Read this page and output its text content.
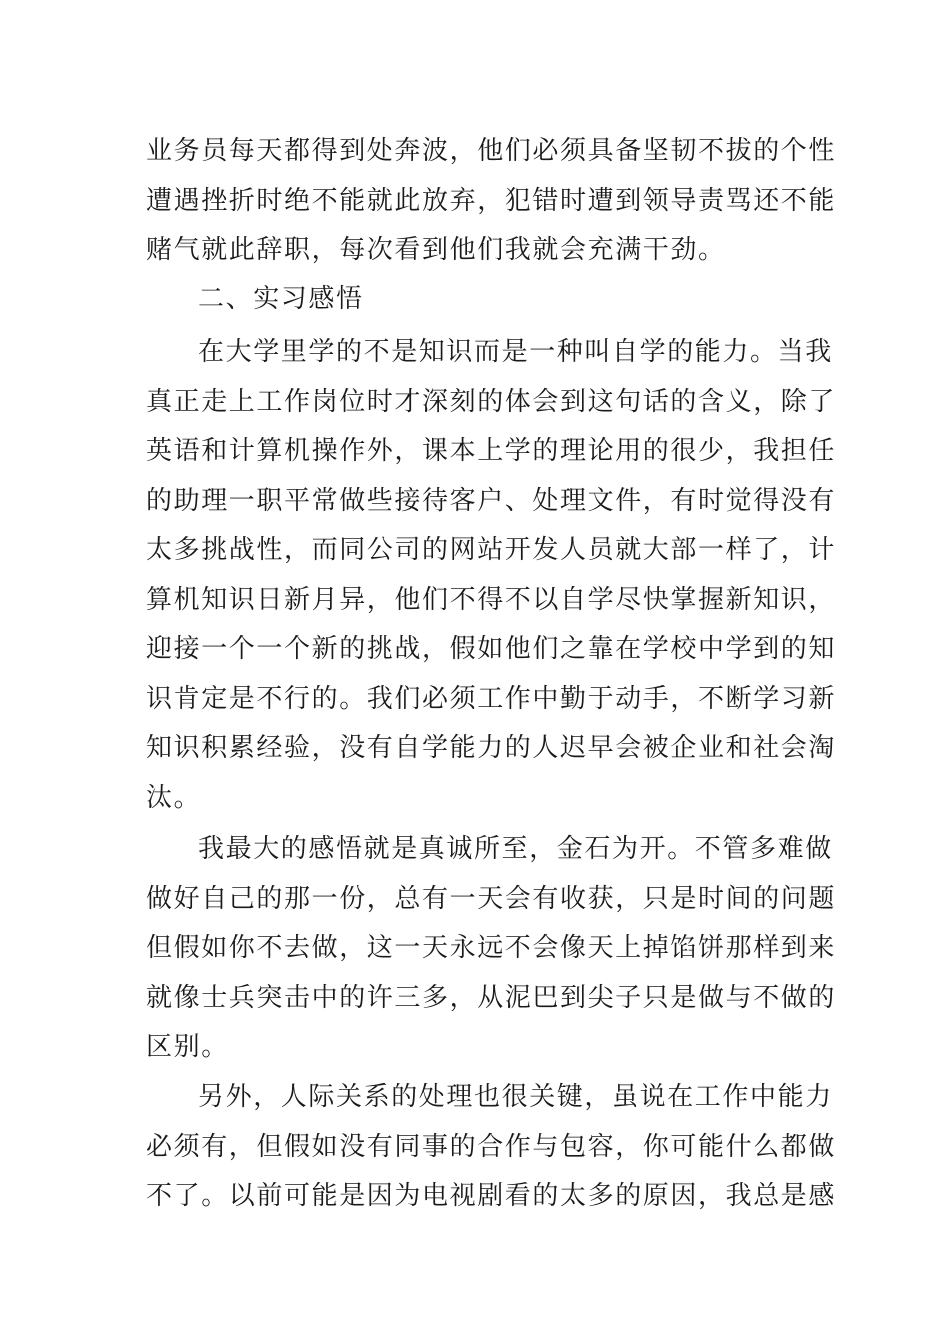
业务员每天都得到处奔波，他们必须具备坚韧不拔的个性
遭遇挫折时绝不能就此放弃，犯错时遭到领导责骂还不能
赌气就此辞职，每次看到他们我就会充满干劲。
二、实习感悟
在大学里学的不是知识而是一种叫自学的能力。当我
真正走上工作岗位时才深刻的体会到这句话的含义，除了
英语和计算机操作外，课本上学的理论用的很少，我担任
的助理一职平常做些接待客户、处理文件，有时觉得没有
太多挑战性，而同公司的网站开发人员就大部一样了，计
算机知识日新月异，他们不得不以自学尽快掌握新知识，
迎接一个一个新的挑战，假如他们之靠在学校中学到的知
识肯定是不行的。我们必须工作中勤于动手，不断学习新
知识积累经验，没有自学能力的人迟早会被企业和社会淘
汰。
我最大的感悟就是真诚所至，金石为开。不管多难做
做好自己的那一份，总有一天会有收获，只是时间的问题
但假如你不去做，这一天永远不会像天上掉馅饼那样到来
就像士兵突击中的许三多，从泥巴到尖子只是做与不做的
区别。
另外，人际关系的处理也很关键，虽说在工作中能力
必须有，但假如没有同事的合作与包容，你可能什么都做
不了。以前可能是因为电视剧看的太多的原因，我总是感
